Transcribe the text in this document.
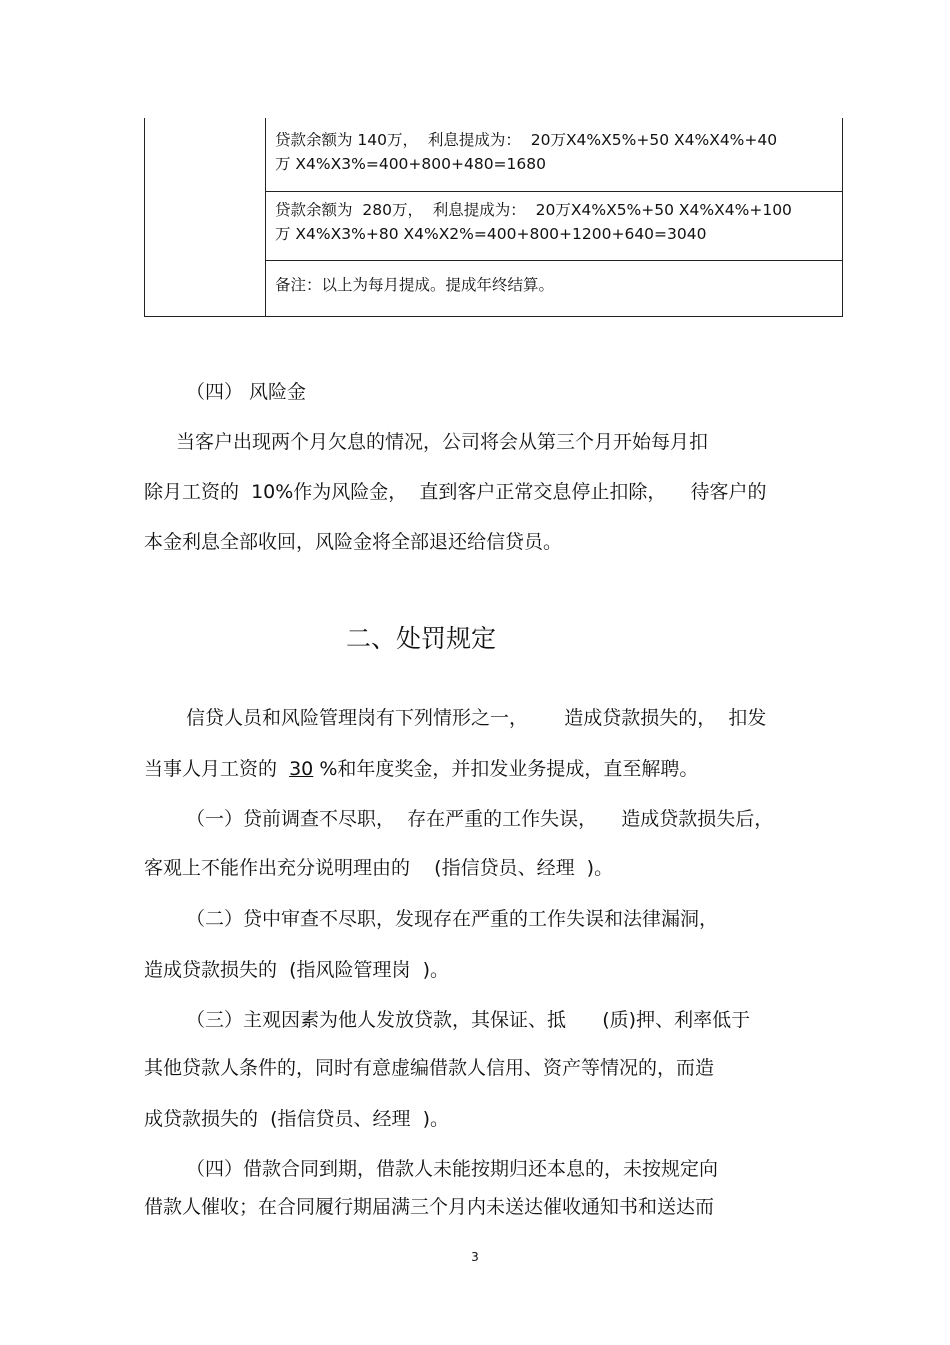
贷款余额为 140万，  利息提成为：  20万X4%X5%+50 X4%X4%+40
万 X4%X3%=400+800+480=1680
贷款余额为  280万，  利息提成为：  20万X4%X5%+50 X4%X4%+100
万 X4%X3%+80 X4%X2%=400+800+1200+640=3040
备注：以上为每月提成。提成年终结算。
（四） 风险金
当客户出现两个月欠息的情况，公司将会从第三个月开始每月扣
除月工资的  10%作为风险金，  直到客户正常交息停止扣除，    待客户的
本金利息全部收回，风险金将全部退还给信贷员。
二、处罚规定
信贷人员和风险管理岗有下列情形之一，      造成贷款损失的，  扣发
当事人月工资的  30 %和年度奖金，并扣发业务提成，直至解聘。
（一）贷前调查不尽职，  存在严重的工作失误，    造成贷款损失后，
客观上不能作出充分说明理由的    (指信贷员、经理  )。
（二）贷中审查不尽职，发现存在严重的工作失误和法律漏洞，
造成贷款损失的  (指风险管理岗  )。
（三）主观因素为他人发放贷款，其保证、抵      (质)押、利率低于
其他贷款人条件的，同时有意虚编借款人信用、资产等情况的，而造
成贷款损失的  (指信贷员、经理  )。
（四）借款合同到期，借款人未能按期归还本息的，未按规定向
借款人催收；在合同履行期届满三个月内未送达催收通知书和送达而
3
